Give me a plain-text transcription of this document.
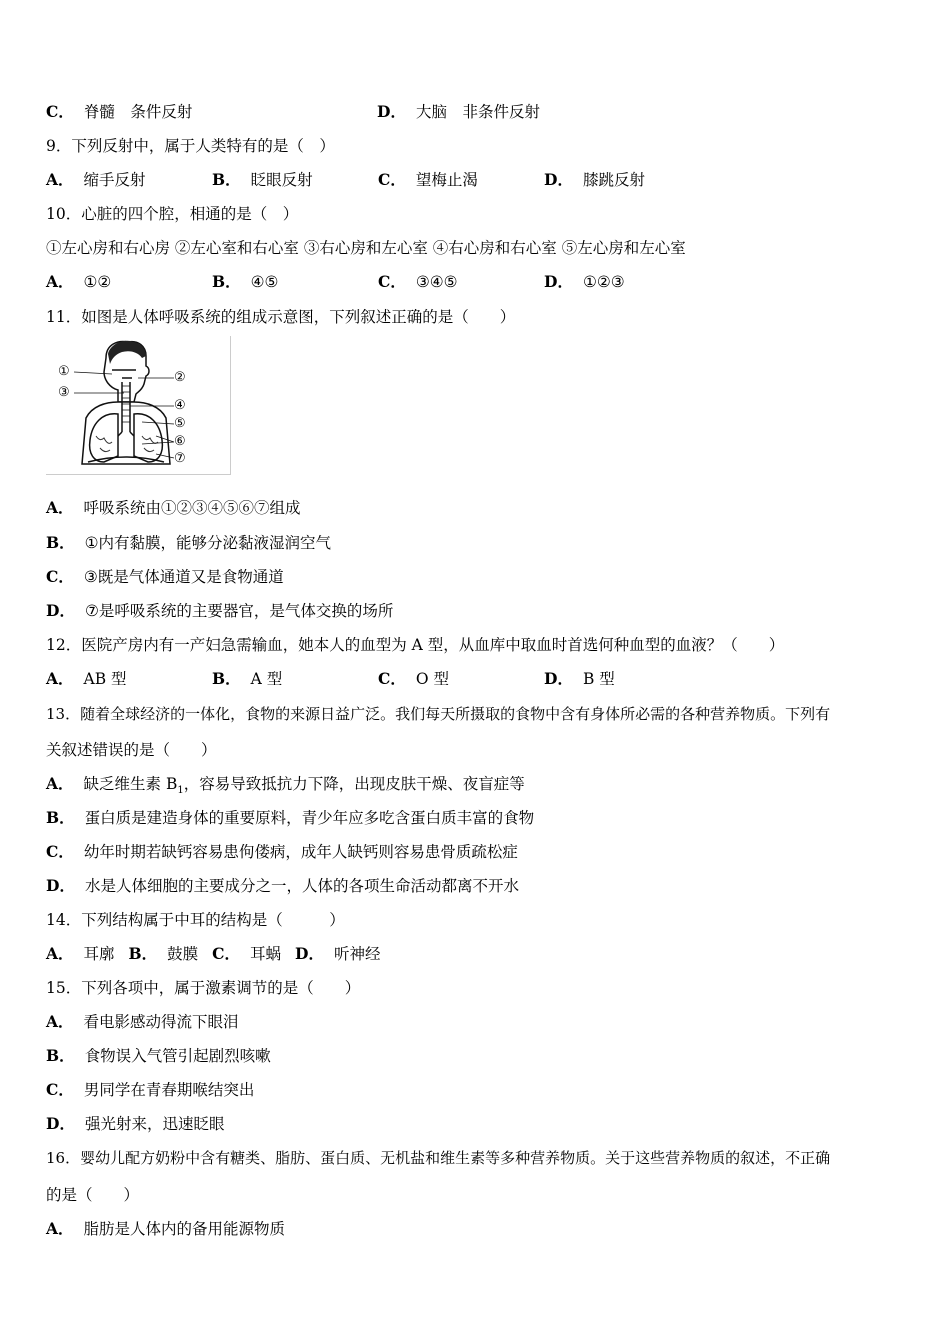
C． 脊髓　条件反射	D． 大脑　非条件反射
9．下列反射中，属于人类特有的是（　）
A． 缩手反射	B． 眨眼反射	C． 望梅止渴	D． 膝跳反射
10．心脏的四个腔，相通的是（　）
①左心房和右心房 ②左心室和右心室 ③右心房和左心室 ④右心房和右心室 ⑤左心房和左心室
A． ①②	B． ④⑤	C． ③④⑤	D． ①②③
11．如图是人体呼吸系统的组成示意图，下列叙述正确的是（　　）
①	②
③
④
⑤
⑥
⑦
A． 呼吸系统由①②③④⑤⑥⑦组成
B． ①内有黏膜，能够分泌黏液湿润空气
C． ③既是气体通道又是食物通道
D． ⑦是呼吸系统的主要器官，是气体交换的场所
12．医院产房内有一产妇急需输血，她本人的血型为 A 型，从血库中取血时首选何种血型的血液？（　　）
A． AB 型	B． A 型	C． O 型	D． B 型
13．随着全球经济的一体化，食物的来源日益广泛。我们每天所摄取的食物中含有身体所必需的各种营养物质。下列有
关叙述错误的是（　　）
A． 缺乏维生素 $B_1$，容易导致抵抗力下降，出现皮肤干燥、夜盲症等
B． 蛋白质是建造身体的重要原料，青少年应多吃含蛋白质丰富的食物
C． 幼年时期若缺钙容易患佝偻病，成年人缺钙则容易患骨质疏松症
D． 水是人体细胞的主要成分之一，人体的各项生命活动都离不开水
14．下列结构属于中耳的结构是（　　　）
A． 耳廓 B． 鼓膜 C． 耳蜗 D． 听神经
15．下列各项中，属于激素调节的是（　　）
A． 看电影感动得流下眼泪
B． 食物误入气管引起剧烈咳嗽
C． 男同学在青春期喉结突出
D． 强光射来，迅速眨眼
16．婴幼儿配方奶粉中含有糖类、脂肪、蛋白质、无机盐和维生素等多种营养物质。关于这些营养物质的叙述，不正确
的是（　　）
A． 脂肪是人体内的备用能源物质
